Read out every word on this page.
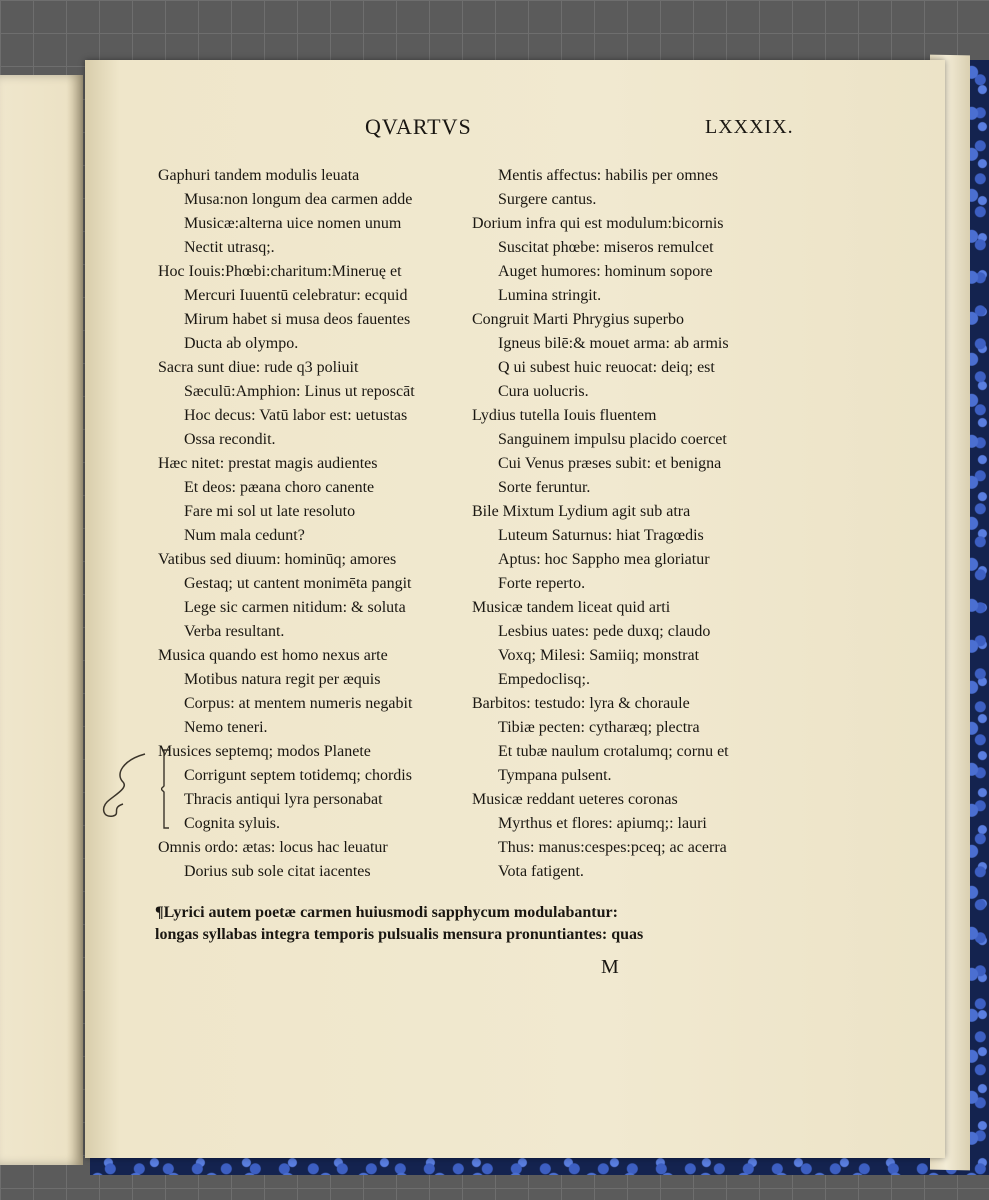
QVARTVS	LXXXIX.
Gaphuri tandem modulis leuata
Musa:non longum dea carmen adde
Musicæ:alterna uice nomen unum
Nectit utrasq;.
Hoc Iouis:Phœbi:charitum:Mineruę et
Mercuri Iuuentū celebratur: ecquid
Mirum habet si musa deos fauentes
Ducta ab olympo.
Sacra sunt diue: rude q3 poliuit
Sæculū:Amphion: Linus ut reposcāt
Hoc decus: Vatū labor est: uetustas
Ossa recondit.
Hæc nitet: prestat magis audientes
Et deos: pæana choro canente
Fare mi sol ut late resoluto
Num mala cedunt?
Vatibus sed diuum: hominūq; amores
Gestaq; ut cantent monimēta pangit
Lege sic carmen nitidum: & soluta
Verba resultant.
Musica quando est homo nexus arte
Motibus natura regit per æquis
Corpus: at mentem numeris negabit
Nemo teneri.
Musices septemq; modos Planete
Corrigunt septem totidemq; chordis
Thracis antiqui lyra personabat
Cognita syluis.
Omnis ordo: ætas: locus hac leuatur
Dorius sub sole citat iacentes
Mentis affectus: habilis per omnes
Surgere cantus.
Dorium infra qui est modulum:bicornis
Suscitat phœbe: miseros remulcet
Auget humores: hominum sopore
Lumina stringit.
Congruit Marti Phrygius superbo
Igneus bilē:& mouet arma: ab armis
Q ui subest huic reuocat: deiq; est
Cura uolucris.
Lydius tutella Iouis fluentem
Sanguinem impulsu placido coercet
Cui Venus præses subit: et benigna
Sorte feruntur.
Bile Mixtum Lydium agit sub atra
Luteum Saturnus: hiat Tragœdis
Aptus: hoc Sappho mea gloriatur
Forte reperto.
Musicæ tandem liceat quid arti
Lesbius uates: pede duxq; claudo
Voxq; Milesi: Samiiq; monstrat
Empedoclisq;.
Barbitos: testudo: lyra & choraule
Tibiæ pecten: cytharæq; plectra
Et tubæ naulum crotalumq; cornu et
Tympana pulsent.
Musicæ reddant ueteres coronas
Myrthus et flores: apiumq;: lauri
Thus: manus:cespes:pceq; ac acerra
Vota fatigent.
¶Lyrici autem poetæ carmen huiusmodi sapphycum modulabantur:
longas syllabas integra temporis pulsualis mensura pronuntiantes: quas
M
